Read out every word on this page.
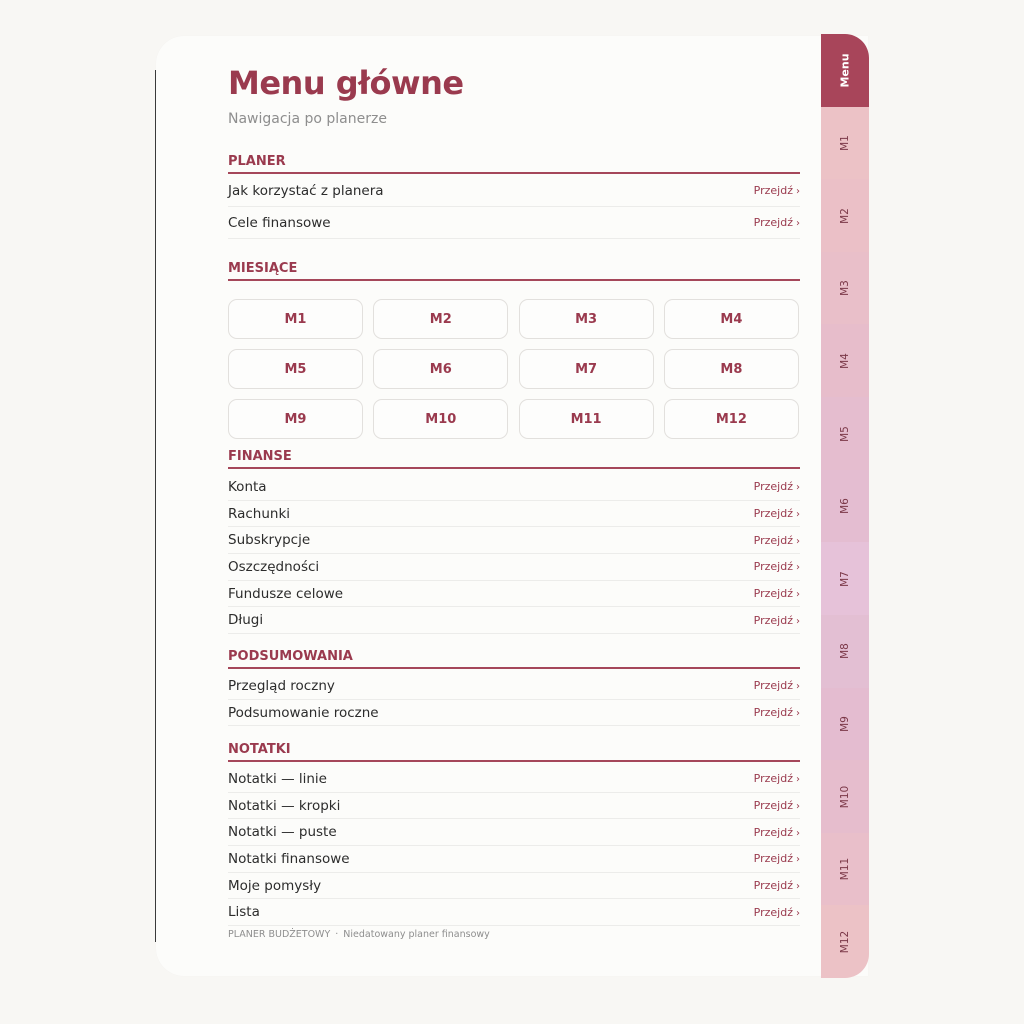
Menu główne
Nawigacja po planerze
PLANER
Jak korzystać z planera	Przejdź ›
Cele finansowe	Przejdź ›
MIESIĄCE
M1	M2	M3	M4
M5	M6	M7	M8
M9	M10	M11	M12
FINANSE
Konta	Przejdź ›
Rachunki	Przejdź ›
Subskrypcje	Przejdź ›
Oszczędności	Przejdź ›
Fundusze celowe	Przejdź ›
Długi	Przejdź ›
PODSUMOWANIA
Przegląd roczny	Przejdź ›
Podsumowanie roczne	Przejdź ›
NOTATKI
Notatki — linie	Przejdź ›
Notatki — kropki	Przejdź ›
Notatki — puste	Przejdź ›
Notatki finansowe	Przejdź ›
Moje pomysły	Przejdź ›
Lista	Przejdź ›
PLANER BUDŻETOWY · Niedatowany planer finansowy
Menu
M1
M2
M3
M4
M5
M6
M7
M8
M9
M10
M11
M12
